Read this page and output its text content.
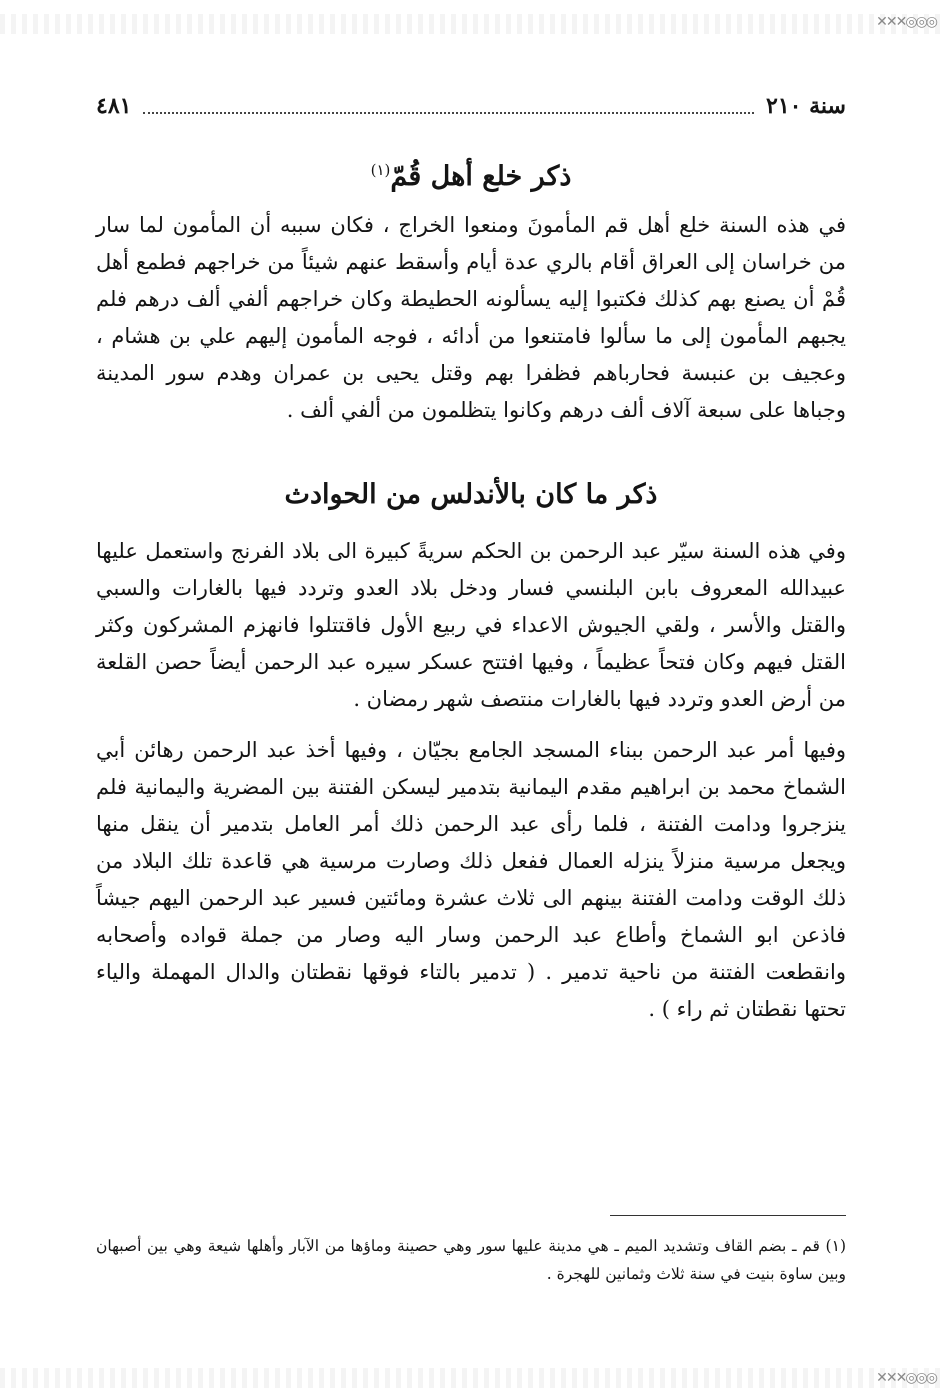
✕✕✕◎◎◎
✕✕✕◎◎◎
سنة ٢١٠
٤٨١
ذكر خلع أهل قُمّ$^{(١)}$

في هذه السنة خلع أهل قم المأمونَ ومنعوا الخراج ، فكان سببه أن المأمون لما سار من خراسان إلى العراق أقام بالري عدة أيام وأسقط عنهم شيئاً من خراجهم فطمع أهل قُمْ أن يصنع بهم كذلك فكتبوا إليه يسألونه الحطيطة وكان خراجهم ألفي ألف درهم فلم يجبهم المأمون إلى ما سألوا فامتنعوا من أدائه ، فوجه المأمون إليهم علي بن هشام ، وعجيف بن عنبسة فحارباهم فظفرا بهم وقتل يحيى بن عمران وهدم سور المدينة وجباها على سبعة آلاف ألف درهم وكانوا يتظلمون من ألفي ألف .

ذكر ما كان بالأندلس من الحوادث

وفي هذه السنة سيّر عبد الرحمن بن الحكم سريةً كبيرة الى بلاد الفرنج واستعمل عليها عبيدالله المعروف بابن البلنسي فسار ودخل بلاد العدو وتردد فيها بالغارات والسبي والقتل والأسر ، ولقي الجيوش الاعداء في ربيع الأول فاقتتلوا فانهزم المشركون وكثر القتل فيهم وكان فتحاً عظيماً ، وفيها افتتح عسكر سيره عبد الرحمن أيضاً حصن القلعة من أرض العدو وتردد فيها بالغارات منتصف شهر رمضان .

وفيها أمر عبد الرحمن ببناء المسجد الجامع بجيّان ، وفيها أخذ عبد الرحمن رهائن أبي الشماخ محمد بن ابراهيم مقدم اليمانية بتدمير ليسكن الفتنة بين المضرية واليمانية فلم ينزجروا ودامت الفتنة ، فلما رأى عبد الرحمن ذلك أمر العامل بتدمير أن ينقل منها ويجعل مرسية منزلاً ينزله العمال ففعل ذلك وصارت مرسية هي قاعدة تلك البلاد من ذلك الوقت ودامت الفتنة بينهم الى ثلاث عشرة ومائتين فسير عبد الرحمن اليهم جيشاً فاذعن ابو الشماخ وأطاع عبد الرحمن وسار اليه وصار من جملة قواده وأصحابه وانقطعت الفتنة من ناحية تدمير . ( تدمير بالتاء فوقها نقطتان والدال المهملة والياء تحتها نقطتان ثم راء ) .

(١) قم ـ بضم القاف وتشديد الميم ـ هي مدينة عليها سور وهي حصينة وماؤها من الآبار وأهلها شيعة وهي بين أصبهان وبين ساوة بنيت في سنة ثلاث وثمانين للهجرة .
